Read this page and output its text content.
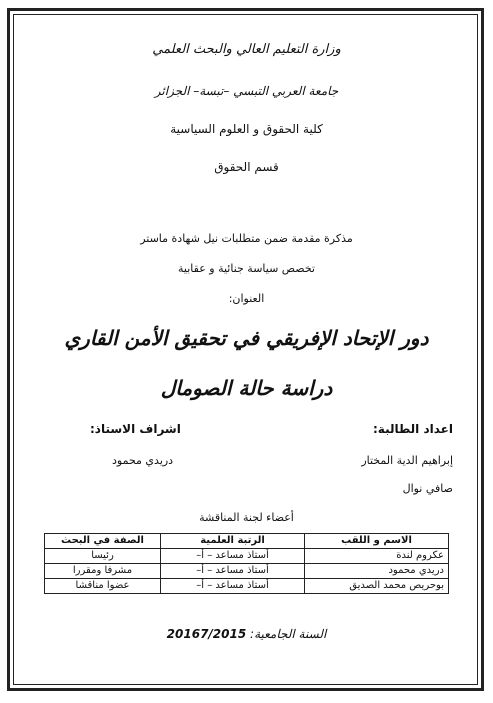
وزارة التعليم العالي والبحث العلمي
جامعة العربي التبسي –تبسة– الجزائر
كلية الحقوق و العلوم السياسية
قسم الحقوق
مذكرة مقدمة ضمن متطلبات نيل شهادة ماستر
تخصص سياسة جنائية و عقابية
العنوان:
دور الإتحاد الإفريقي في تحقيق الأمن القاري
دراسة حالة الصومال
اعداد الطالبة:
اشراف الاستاذ:
إبراهيم الدية المختار
دريدي محمود
صافي نوال
أعضاء لجنة المناقشة
الاسم و اللقب	الرتبة العلمية	الصفة في البحث
عكروم لندة	أستاذ مساعد – أ–	رئيسا
دريدي محمود	أستاذ مساعد – أ–	مشرفا ومقررا
بوحريص محمد الصديق	أستاذ مساعد – أ–	عضوا مناقشا
السنة الجامعية: 20167/2015
